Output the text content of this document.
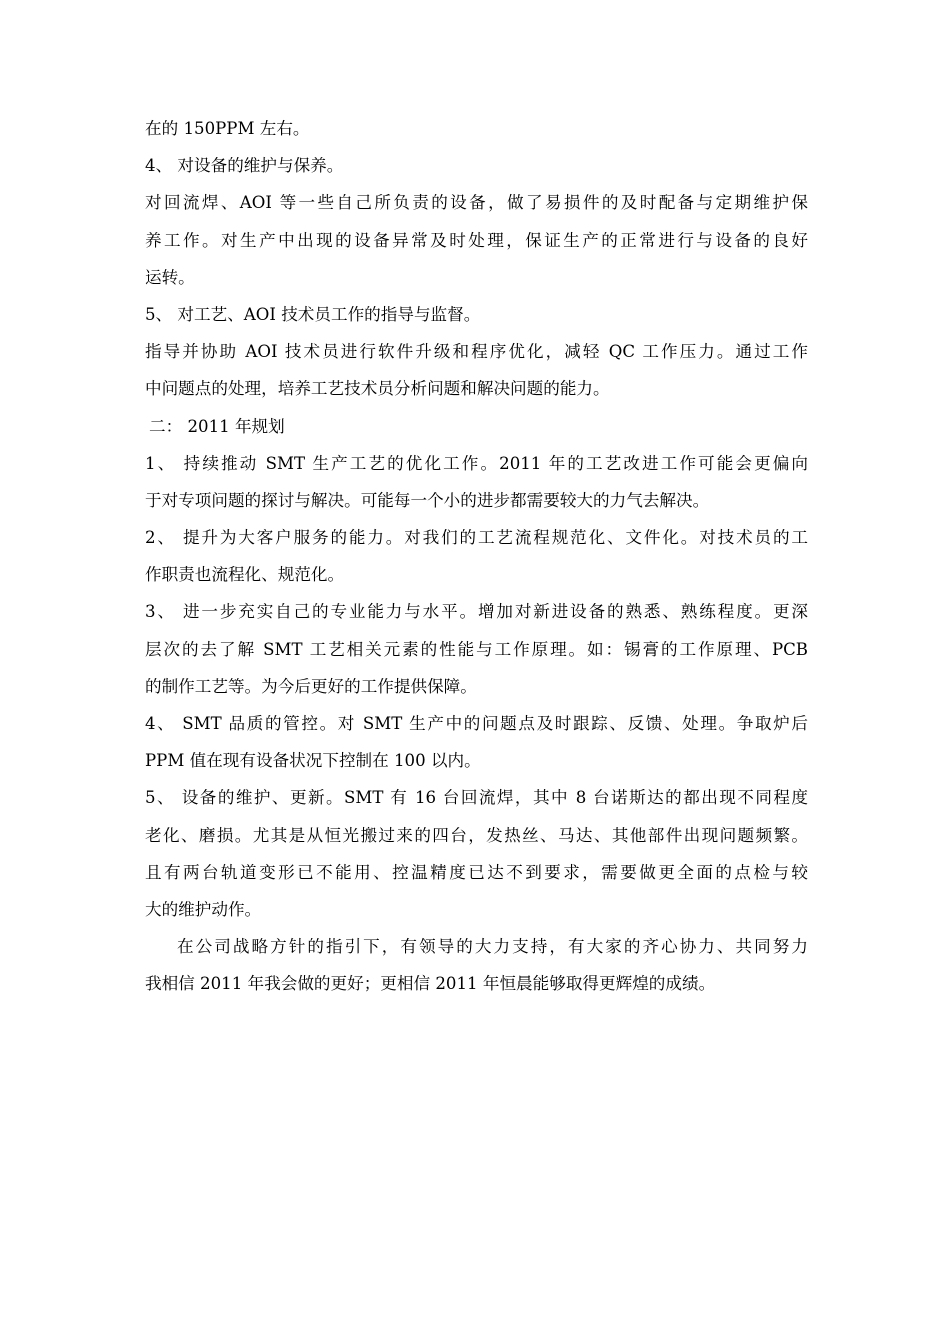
在的 150PPM 左右。
4、 对设备的维护与保养。
对回流焊、AOI 等一些自己所负责的设备，做了易损件的及时配备与定期维护保
养工作。对生产中出现的设备异常及时处理，保证生产的正常进行与设备的良好
运转。
5、 对工艺、AOI 技术员工作的指导与监督。
指导并协助 AOI 技术员进行软件升级和程序优化，减轻 QC 工作压力。通过工作
中问题点的处理，培养工艺技术员分析问题和解决问题的能力。
二： 2011 年规划
1、 持续推动 SMT 生产工艺的优化工作。2011 年的工艺改进工作可能会更偏向
于对专项问题的探讨与解决。可能每一个小的进步都需要较大的力气去解决。
2、 提升为大客户服务的能力。对我们的工艺流程规范化、文件化。对技术员的工
作职责也流程化、规范化。
3、 进一步充实自己的专业能力与水平。增加对新进设备的熟悉、熟练程度。更深
层次的去了解 SMT 工艺相关元素的性能与工作原理。如：锡膏的工作原理、PCB
的制作工艺等。为今后更好的工作提供保障。
4、 SMT 品质的管控。对 SMT 生产中的问题点及时跟踪、反馈、处理。争取炉后
PPM 值在现有设备状况下控制在 100 以内。
5、 设备的维护、更新。SMT 有 16 台回流焊，其中 8 台诺斯达的都出现不同程度
老化、磨损。尤其是从恒光搬过来的四台，发热丝、马达、其他部件出现问题频繁。
且有两台轨道变形已不能用、控温精度已达不到要求，需要做更全面的点检与较
大的维护动作。
在公司战略方针的指引下，有领导的大力支持，有大家的齐心协力、共同努力
我相信 2011 年我会做的更好；更相信 2011 年恒晨能够取得更辉煌的成绩。
